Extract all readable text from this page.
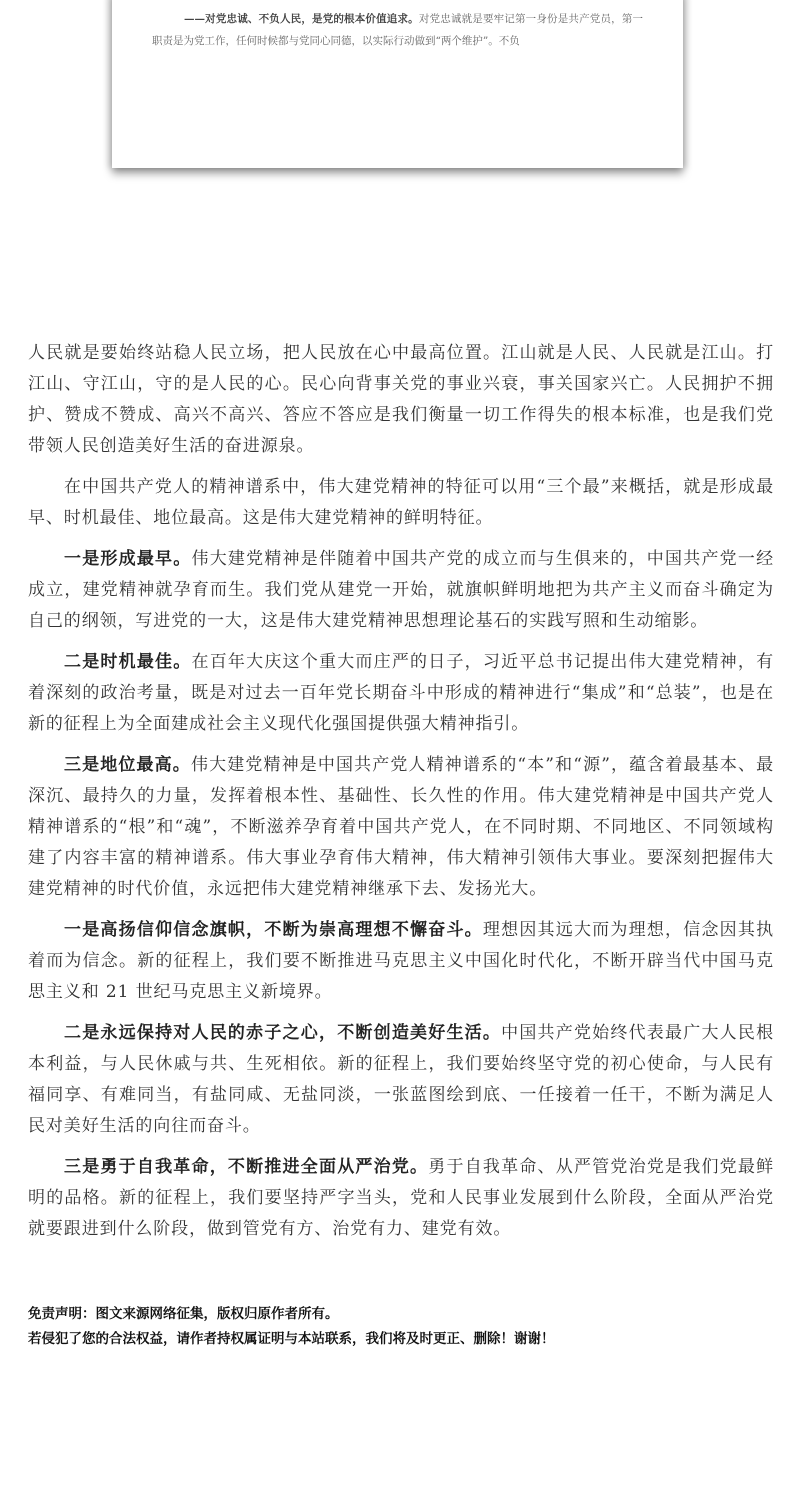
——对党忠诚、不负人民，是党的根本价值追求。对党忠诚就是要牢记第一身份是共产党员，第一职责是为党工作，任何时候都与党同心同德，以实际行动做到“两个维护”。不负

人民就是要始终站稳人民立场，把人民放在心中最高位置。江山就是人民、人民就是江山。打江山、守江山，守的是人民的心。民心向背事关党的事业兴衰，事关国家兴亡。人民拥护不拥护、赞成不赞成、高兴不高兴、答应不答应是我们衡量一切工作得失的根本标准，也是我们党带领人民创造美好生活的奋进源泉。

在中国共产党人的精神谱系中，伟大建党精神的特征可以用“三个最”来概括，就是形成最早、时机最佳、地位最高。这是伟大建党精神的鲜明特征。

一是形成最早。伟大建党精神是伴随着中国共产党的成立而与生俱来的，中国共产党一经成立，建党精神就孕育而生。我们党从建党一开始，就旗帜鲜明地把为共产主义而奋斗确定为自己的纲领，写进党的一大，这是伟大建党精神思想理论基石的实践写照和生动缩影。

二是时机最佳。在百年大庆这个重大而庄严的日子，习近平总书记提出伟大建党精神，有着深刻的政治考量，既是对过去一百年党长期奋斗中形成的精神进行“集成”和“总装”，也是在新的征程上为全面建成社会主义现代化强国提供强大精神指引。

三是地位最高。伟大建党精神是中国共产党人精神谱系的“本”和“源”，蕴含着最基本、最深沉、最持久的力量，发挥着根本性、基础性、长久性的作用。伟大建党精神是中国共产党人精神谱系的“根”和“魂”，不断滋养孕育着中国共产党人，在不同时期、不同地区、不同领域构建了内容丰富的精神谱系。伟大事业孕育伟大精神，伟大精神引领伟大事业。要深刻把握伟大建党精神的时代价值，永远把伟大建党精神继承下去、发扬光大。

一是高扬信仰信念旗帜，不断为崇高理想不懈奋斗。理想因其远大而为理想，信念因其执着而为信念。新的征程上，我们要不断推进马克思主义中国化时代化，不断开辟当代中国马克思主义和 21 世纪马克思主义新境界。

二是永远保持对人民的赤子之心，不断创造美好生活。中国共产党始终代表最广大人民根本利益，与人民休戚与共、生死相依。新的征程上，我们要始终坚守党的初心使命，与人民有福同享、有难同当，有盐同咸、无盐同淡，一张蓝图绘到底、一任接着一任干，不断为满足人民对美好生活的向往而奋斗。

三是勇于自我革命，不断推进全面从严治党。勇于自我革命、从严管党治党是我们党最鲜明的品格。新的征程上，我们要坚持严字当头，党和人民事业发展到什么阶段，全面从严治党就要跟进到什么阶段，做到管党有方、治党有力、建党有效。

免责声明：图文来源网络征集，版权归原作者所有。
若侵犯了您的合法权益，请作者持权属证明与本站联系，我们将及时更正、删除！谢谢！
